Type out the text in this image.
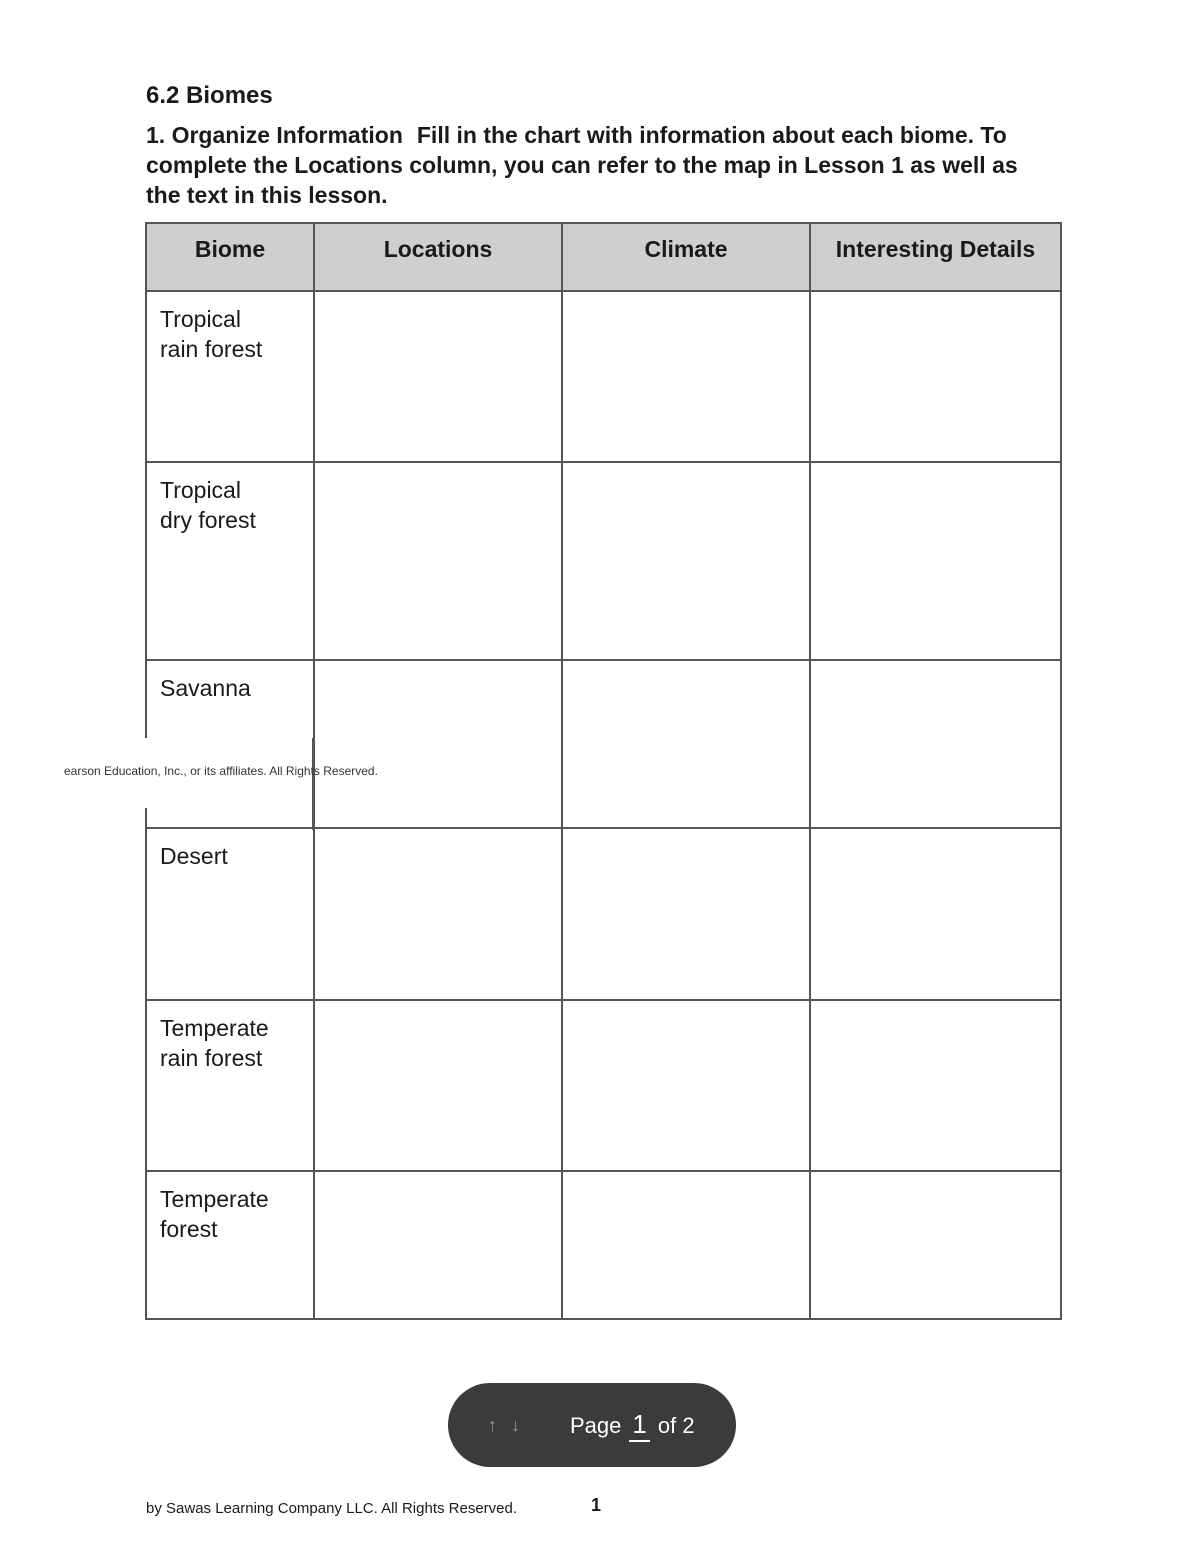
6.2 Biomes
1. Organize Information Fill in the chart with information about each biome. To complete the Locations column, you can refer to the map in Lesson 1 as well as the text in this lesson.
Biome	Locations	Climate	Interesting Details

Tropical
rain forest			

Tropical
dry forest			

Savanna			

Desert			

Temperate
rain forest			

Temperate
forest			

earson Education, Inc., or its affiliates. All Rights Reserved.
↑ ↓ Page 1 of 2
by Sawas Learning Company LLC. All Rights Reserved.	1
